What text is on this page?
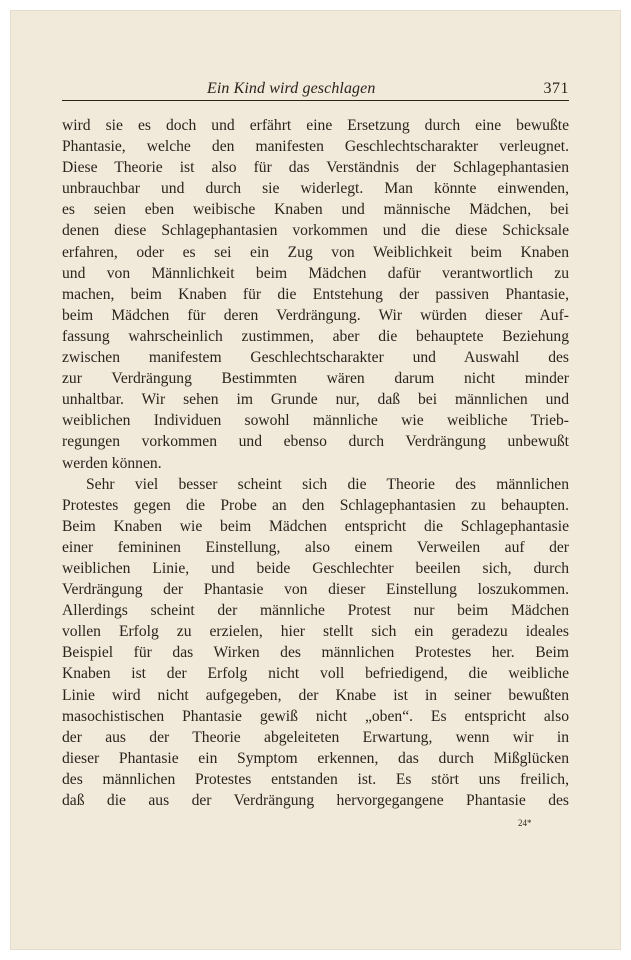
Ein Kind wird geschlagen	371
wird sie es doch und erfährt eine Ersetzung durch eine bewußte
Phantasie, welche den manifesten Geschlechtscharakter verleugnet.
Diese Theorie ist also für das Verständnis der Schlagephantasien
unbrauchbar und durch sie widerlegt. Man könnte einwenden,
es seien eben weibische Knaben und männische Mädchen, bei
denen diese Schlagephantasien vorkommen und die diese Schicksale
erfahren, oder es sei ein Zug von Weiblichkeit beim Knaben
und von Männlichkeit beim Mädchen dafür verantwortlich zu
machen, beim Knaben für die Entstehung der passiven Phantasie,
beim Mädchen für deren Verdrängung. Wir würden dieser Auf-
fassung wahrscheinlich zustimmen, aber die behauptete Beziehung
zwischen manifestem Geschlechtscharakter und Auswahl des
zur Verdrängung Bestimmten wären darum nicht minder
unhaltbar. Wir sehen im Grunde nur, daß bei männlichen und
weiblichen Individuen sowohl männliche wie weibliche Trieb-
regungen vorkommen und ebenso durch Verdrängung unbewußt
werden können.
Sehr viel besser scheint sich die Theorie des männlichen
Protestes gegen die Probe an den Schlagephantasien zu behaupten.
Beim Knaben wie beim Mädchen entspricht die Schlagephantasie
einer femininen Einstellung, also einem Verweilen auf der
weiblichen Linie, und beide Geschlechter beeilen sich, durch
Verdrängung der Phantasie von dieser Einstellung loszukommen.
Allerdings scheint der männliche Protest nur beim Mädchen
vollen Erfolg zu erzielen, hier stellt sich ein geradezu ideales
Beispiel für das Wirken des männlichen Protestes her. Beim
Knaben ist der Erfolg nicht voll befriedigend, die weibliche
Linie wird nicht aufgegeben, der Knabe ist in seiner bewußten
masochistischen Phantasie gewiß nicht „oben“. Es entspricht also
der aus der Theorie abgeleiteten Erwartung, wenn wir in
dieser Phantasie ein Symptom erkennen, das durch Mißglücken
des männlichen Protestes entstanden ist. Es stört uns freilich,
daß die aus der Verdrängung hervorgegangene Phantasie des
24*
